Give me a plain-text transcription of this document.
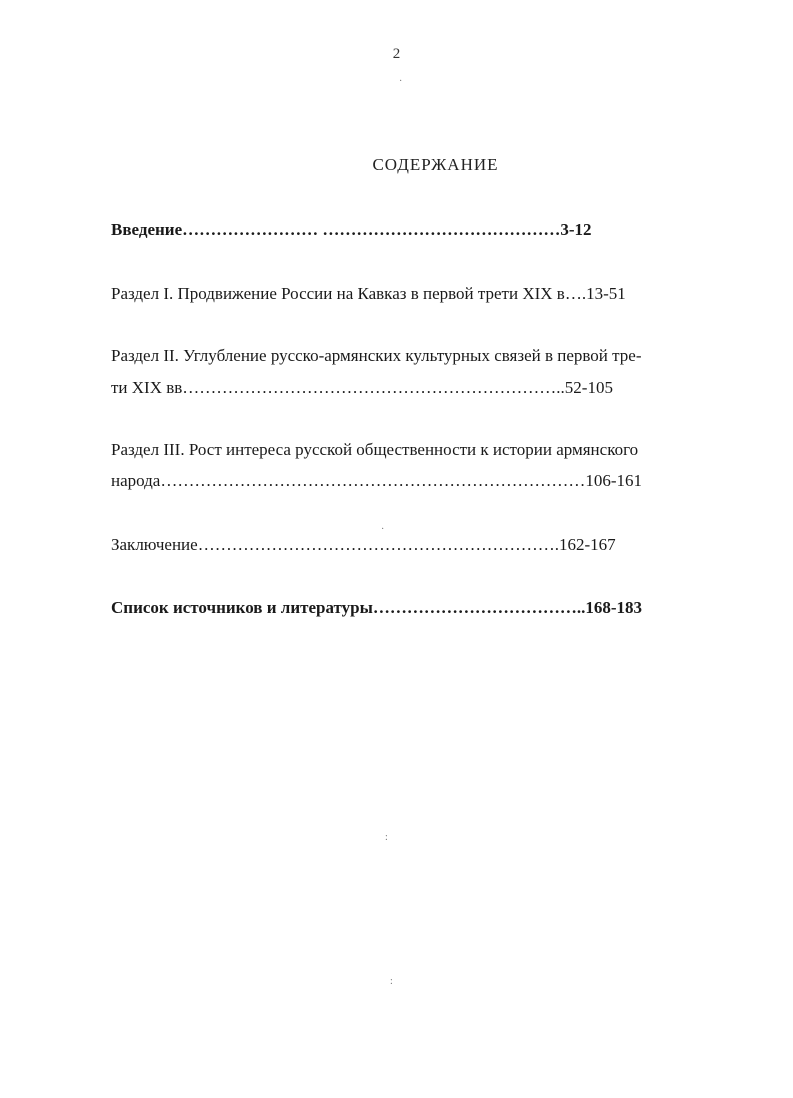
2
·
СОДЕРЖАНИЕ
Введение…………………… ……………………………………3-12
Раздел I. Продвижение России на Кавказ в первой трети XIX в….13-51
Раздел II. Углубление русско-армянских культурных связей в первой тре-
ти XIX вв…………………………………………………………..52-105
Раздел III. Рост интереса русской общественности к истории армянского
народа…………………………………………………………………106-161
·
Заключение……………………………………………………….162-167
Список источников и литературы………………………………..168-183
:
:
